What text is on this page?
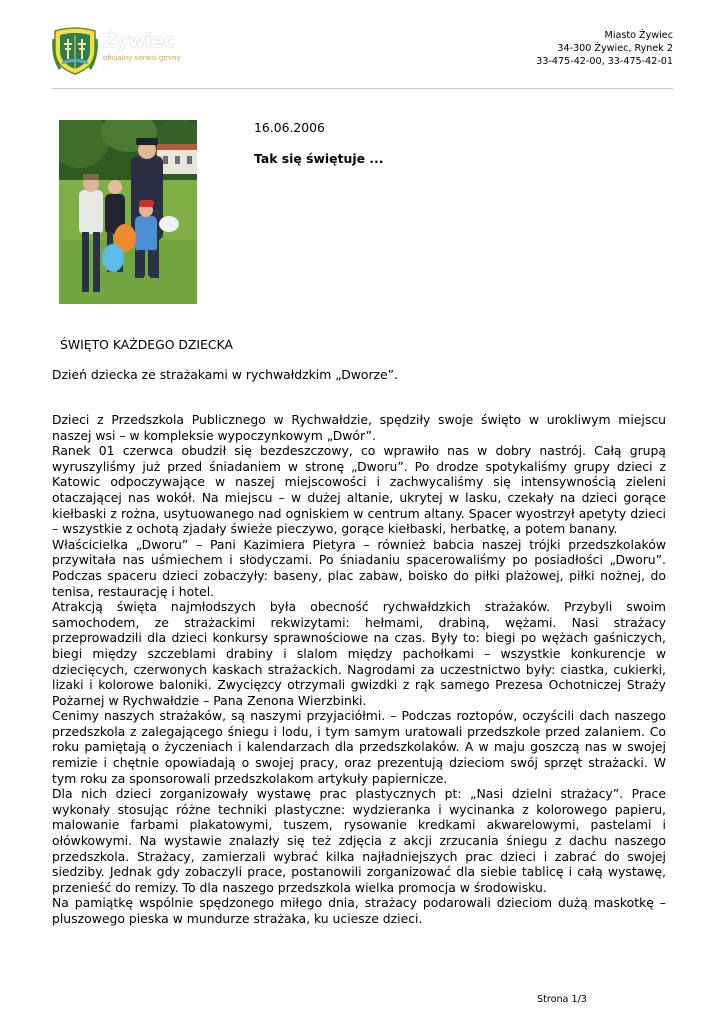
Żywiec
oficjalny serwis gminy
Miasto Żywiec
34-300 Żywiec, Rynek 2
33-475-42-00, 33-475-42-01
16.06.2006
Tak się świętuje ...
ŚWIĘTO KAŻDEGO DZIECKA
Dzień dziecka ze strażakami w rychwałdzkim „Dworze”.

Dzieci z Przedszkola Publicznego w Rychwałdzie, spędziły swoje święto w urokliwym miejscu naszej wsi – w kompleksie wypoczynkowym „Dwór”.

Ranek 01 czerwca obudził się bezdeszczowy, co wprawiło nas w dobry nastrój. Całą grupą wyruszyliśmy już przed śniadaniem w stronę „Dworu”. Po drodze spotykaliśmy grupy dzieci z Katowic odpoczywające w naszej miejscowości i zachwycaliśmy się intensywnością zieleni otaczającej nas wokół. Na miejscu – w dużej altanie, ukrytej w lasku, czekały na dzieci gorące kiełbaski z rożna, usytuowanego nad ogniskiem w centrum altany. Spacer wyostrzył apetyty dzieci – wszystkie z ochotą zjadały świeże pieczywo, gorące kiełbaski, herbatkę, a potem banany.

Właścicielka „Dworu” – Pani Kazimiera Pietyra – również babcia naszej trójki przedszkolaków przywitała nas uśmiechem i słodyczami. Po śniadaniu spacerowaliśmy po posiadłości „Dworu”. Podczas spaceru dzieci zobaczyły: baseny, plac zabaw, boisko do piłki plażowej, piłki nożnej, do tenisa, restaurację i hotel.

Atrakcją święta najmłodszych była obecność rychwałdzkich strażaków. Przybyli swoim samochodem, ze strażackimi rekwizytami: hełmami, drabiną, wężami. Nasi strażacy przeprowadzili dla dzieci konkursy sprawnościowe na czas. Były to: biegi po wężach gaśniczych, biegi między szczeblami drabiny i slalom między pachołkami – wszystkie konkurencje w dziecięcych, czerwonych kaskach strażackich. Nagrodami za uczestnictwo były: ciastka, cukierki, lizaki i kolorowe baloniki. Zwycięzcy otrzymali gwizdki z rąk samego Prezesa Ochotniczej Straży Pożarnej w Rychwałdzie – Pana Zenona Wierzbinki.

Cenimy naszych strażaków, są naszymi przyjaciółmi. – Podczas roztopów, oczyścili dach naszego przedszkola z zalegającego śniegu i lodu, i tym samym uratowali przedszkole przed zalaniem. Co roku pamiętają o życzeniach i kalendarzach dla przedszkolaków. A w maju goszczą nas w swojej remizie i chętnie opowiadają o swojej pracy, oraz prezentują dzieciom swój sprzęt strażacki. W tym roku za sponsorowali przedszkolakom artykuły papiernicze.

Dla nich dzieci zorganizowały wystawę prac plastycznych pt: „Nasi dzielni strażacy”. Prace wykonały stosując różne techniki plastyczne: wydzieranka i wycinanka z kolorowego papieru, malowanie farbami plakatowymi, tuszem, rysowanie kredkami akwarelowymi, pastelami i ołówkowymi. Na wystawie znalazły się też zdjęcia z akcji zrzucania śniegu z dachu naszego przedszkola. Strażacy, zamierzali wybrać kilka najładniejszych prac dzieci i zabrać do swojej siedziby. Jednak gdy zobaczyli prace, postanowili zorganizować dla siebie tablicę i całą wystawę, przenieść do remizy. To dla naszego przedszkola wielka promocja w środowisku.

Na pamiątkę wspólnie spędzonego miłego dnia, strażacy podarowali dzieciom dużą maskotkę – pluszowego pieska w mundurze strażaka, ku uciesze dzieci.

Strona 1/3
